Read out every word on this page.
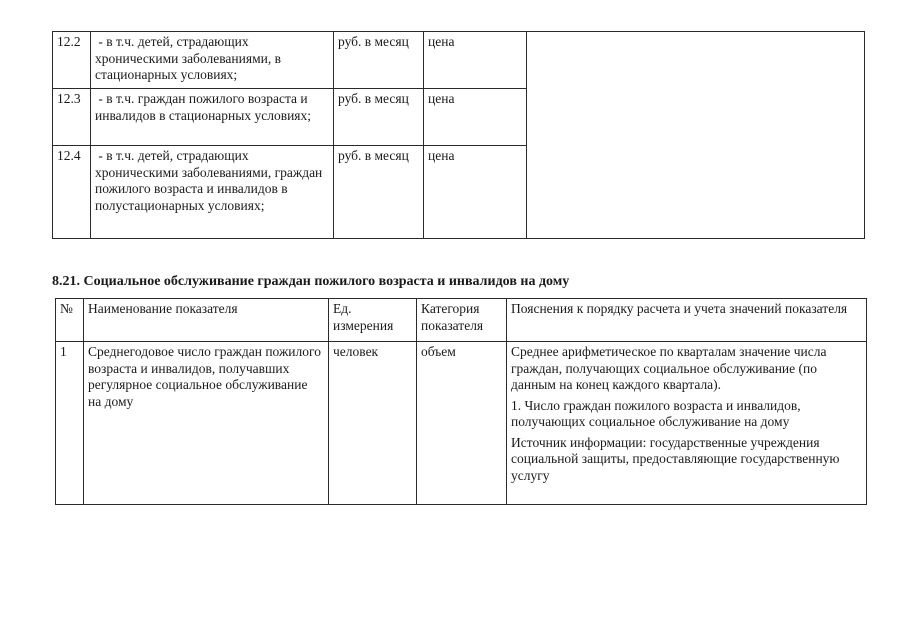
12.2	- в т.ч. детей, страдающих хроническими заболеваниями, в стационарных условиях;	руб. в месяц	цена	
12.3	- в т.ч. граждан пожилого возраста и инвалидов в стационарных условиях;	руб. в месяц	цена	
12.4	- в т.ч. детей, страдающих хроническими заболеваниями, граждан пожилого возраста и инвалидов в полустационарных условиях;	руб. в месяц	цена	
8.21. Социальное обслуживание граждан пожилого возраста и инвалидов на дому
№	Наименование показателя	Ед. измерения	Категория показателя	Пояснения к порядку расчета и учета значений показателя
1	Среднегодовое число граждан пожилого возраста и инвалидов, получавших регулярное социальное обслуживание на дому	человек	объем	Среднее арифметическое по кварталам значение числа граждан, получающих социальное обслуживание (по данным на конец каждого квартала).
1. Число граждан пожилого возраста и инвалидов, получающих социальное обслуживание на дому
Источник информации: государственные учреждения социальной защиты, предоставляющие государственную услугу
